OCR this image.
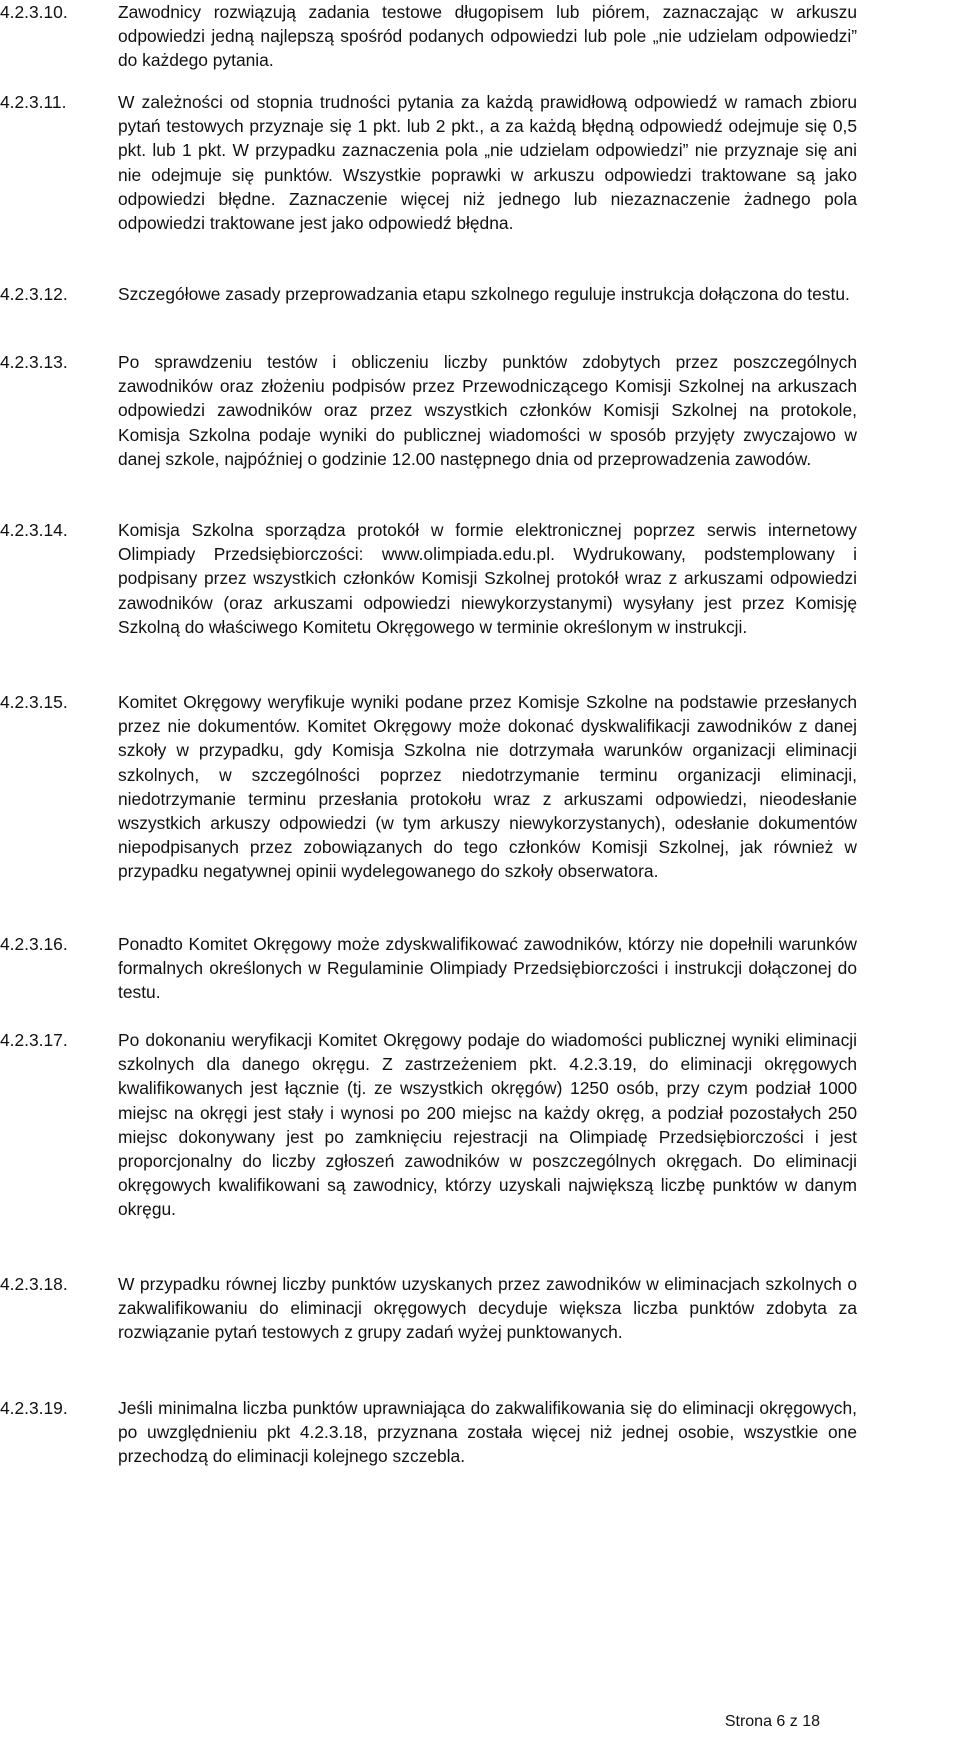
4.2.3.10.	Zawodnicy rozwiązują zadania testowe długopisem lub piórem, zaznaczając w arkuszu odpowiedzi jedną najlepszą spośród podanych odpowiedzi lub pole „nie udzielam odpowiedzi” do każdego pytania.
4.2.3.11.	W zależności od stopnia trudności pytania za każdą prawidłową odpowiedź w ramach zbioru pytań testowych przyznaje się 1 pkt. lub 2 pkt., a za każdą błędną odpowiedź odejmuje się 0,5 pkt. lub 1 pkt. W przypadku zaznaczenia pola „nie udzielam odpowiedzi” nie przyznaje się ani nie odejmuje się punktów. Wszystkie poprawki w arkuszu odpowiedzi traktowane są jako odpowiedzi błędne. Zaznaczenie więcej niż jednego lub niezaznaczenie żadnego pola odpowiedzi traktowane jest jako odpowiedź błędna.
4.2.3.12.	Szczegółowe zasady przeprowadzania etapu szkolnego reguluje instrukcja dołączona do testu.
4.2.3.13.	Po sprawdzeniu testów i obliczeniu liczby punktów zdobytych przez poszczególnych zawodników oraz złożeniu podpisów przez Przewodniczącego Komisji Szkolnej na arkuszach odpowiedzi zawodników oraz przez wszystkich członków Komisji Szkolnej na protokole, Komisja Szkolna podaje wyniki do publicznej wiadomości w sposób przyjęty zwyczajowo w danej szkole, najpóźniej o godzinie 12.00 następnego dnia od przeprowadzenia zawodów.
4.2.3.14.	Komisja Szkolna sporządza protokół w formie elektronicznej poprzez serwis internetowy Olimpiady Przedsiębiorczości: www.olimpiada.edu.pl. Wydrukowany, podstemplowany i podpisany przez wszystkich członków Komisji Szkolnej protokół wraz z arkuszami odpowiedzi zawodników (oraz arkuszami odpowiedzi niewykorzystanymi) wysyłany jest przez Komisję Szkolną do właściwego Komitetu Okręgowego w terminie określonym w instrukcji.
4.2.3.15.	Komitet Okręgowy weryfikuje wyniki podane przez Komisje Szkolne na podstawie przesłanych przez nie dokumentów. Komitet Okręgowy może dokonać dyskwalifikacji zawodników z danej szkoły w przypadku, gdy Komisja Szkolna nie dotrzymała warunków organizacji eliminacji szkolnych, w szczególności poprzez niedotrzymanie terminu organizacji eliminacji, niedotrzymanie terminu przesłania protokołu wraz z arkuszami odpowiedzi, nieodesłanie wszystkich arkuszy odpowiedzi (w tym arkuszy niewykorzystanych), odesłanie dokumentów niepodpisanych przez zobowiązanych do tego członków Komisji Szkolnej, jak również w przypadku negatywnej opinii wydelegowanego do szkoły obserwatora.
4.2.3.16.	Ponadto Komitet Okręgowy może zdyskwalifikować zawodników, którzy nie dopełnili warunków formalnych określonych w Regulaminie Olimpiady Przedsiębiorczości i instrukcji dołączonej do testu.
4.2.3.17.	Po dokonaniu weryfikacji Komitet Okręgowy podaje do wiadomości publicznej wyniki eliminacji szkolnych dla danego okręgu. Z zastrzeżeniem pkt. 4.2.3.19, do eliminacji okręgowych kwalifikowanych jest łącznie (tj. ze wszystkich okręgów) 1250 osób, przy czym podział 1000 miejsc na okręgi jest stały i wynosi po 200 miejsc na każdy okręg, a podział pozostałych 250 miejsc dokonywany jest po zamknięciu rejestracji na Olimpiadę Przedsiębiorczości i jest proporcjonalny do liczby zgłoszeń zawodników w poszczególnych okręgach. Do eliminacji okręgowych kwalifikowani są zawodnicy, którzy uzyskali największą liczbę punktów w danym okręgu.
4.2.3.18.	W przypadku równej liczby punktów uzyskanych przez zawodników w eliminacjach szkolnych o zakwalifikowaniu do eliminacji okręgowych decyduje większa liczba punktów zdobyta za rozwiązanie pytań testowych z grupy zadań wyżej punktowanych.
4.2.3.19.	Jeśli minimalna liczba punktów uprawniająca do zakwalifikowania się do eliminacji okręgowych, po uwzględnieniu pkt 4.2.3.18, przyznana została więcej niż jednej osobie, wszystkie one przechodzą do eliminacji kolejnego szczebla.
Strona 6 z 18
